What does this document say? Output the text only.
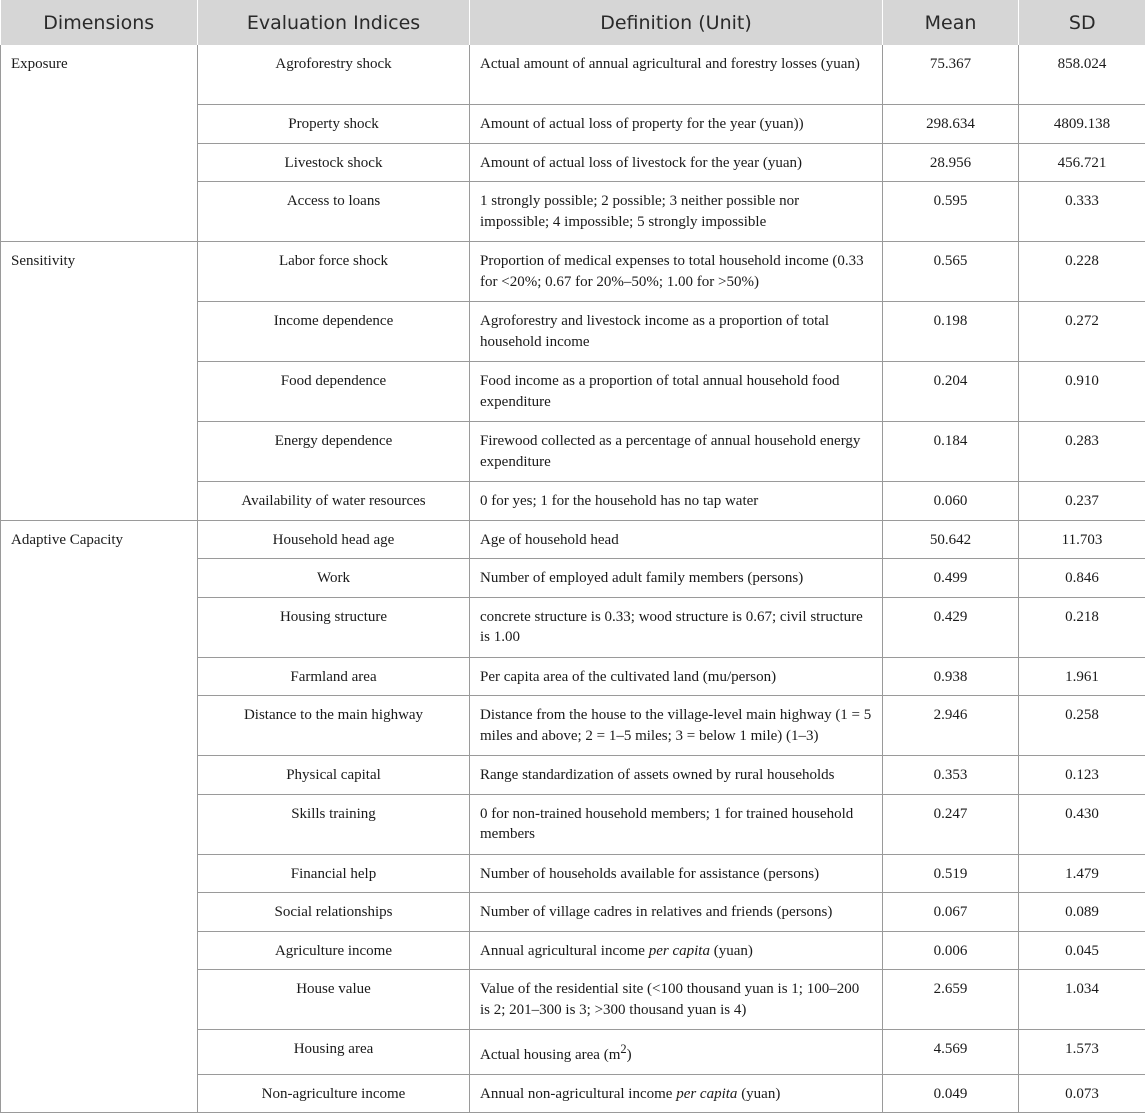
Dimensions	Evaluation Indices	Definition (Unit)	Mean	SD
Exposure	Agroforestry shock	Actual amount of annual agricultural and forestry losses (yuan)	75.367	858.024
	Property shock	Amount of actual loss of property for the year (yuan))	298.634	4809.138
	Livestock shock	Amount of actual loss of livestock for the year (yuan)	28.956	456.721
	Access to loans	1 strongly possible; 2 possible; 3 neither possible nor impossible; 4 impossible; 5 strongly impossible	0.595	0.333
Sensitivity	Labor force shock	Proportion of medical expenses to total household income (0.33 for <20%; 0.67 for 20%–50%; 1.00 for >50%)	0.565	0.228
	Income dependence	Agroforestry and livestock income as a proportion of total household income	0.198	0.272
	Food dependence	Food income as a proportion of total annual household food expenditure	0.204	0.910
	Energy dependence	Firewood collected as a percentage of annual household energy expenditure	0.184	0.283
	Availability of water resources	0 for yes; 1 for the household has no tap water	0.060	0.237
Adaptive Capacity	Household head age	Age of household head	50.642	11.703
	Work	Number of employed adult family members (persons)	0.499	0.846
	Housing structure	concrete structure is 0.33; wood structure is 0.67; civil structure is 1.00	0.429	0.218
	Farmland area	Per capita area of the cultivated land (mu/person)	0.938	1.961
	Distance to the main highway	Distance from the house to the village-level main highway (1 = 5 miles and above; 2 = 1–5 miles; 3 = below 1 mile) (1–3)	2.946	0.258
	Physical capital	Range standardization of assets owned by rural households	0.353	0.123
	Skills training	0 for non-trained household members; 1 for trained household members	0.247	0.430
	Financial help	Number of households available for assistance (persons)	0.519	1.479
	Social relationships	Number of village cadres in relatives and friends (persons)	0.067	0.089
	Agriculture income	Annual agricultural income per capita (yuan)	0.006	0.045
	House value	Value of the residential site (<100 thousand yuan is 1; 100–200 is 2; 201–300 is 3; >300 thousand yuan is 4)	2.659	1.034
	Housing area	Actual housing area $(m^2)$	4.569	1.573
	Non-agriculture income	Annual non-agricultural income per capita (yuan)	0.049	0.073
